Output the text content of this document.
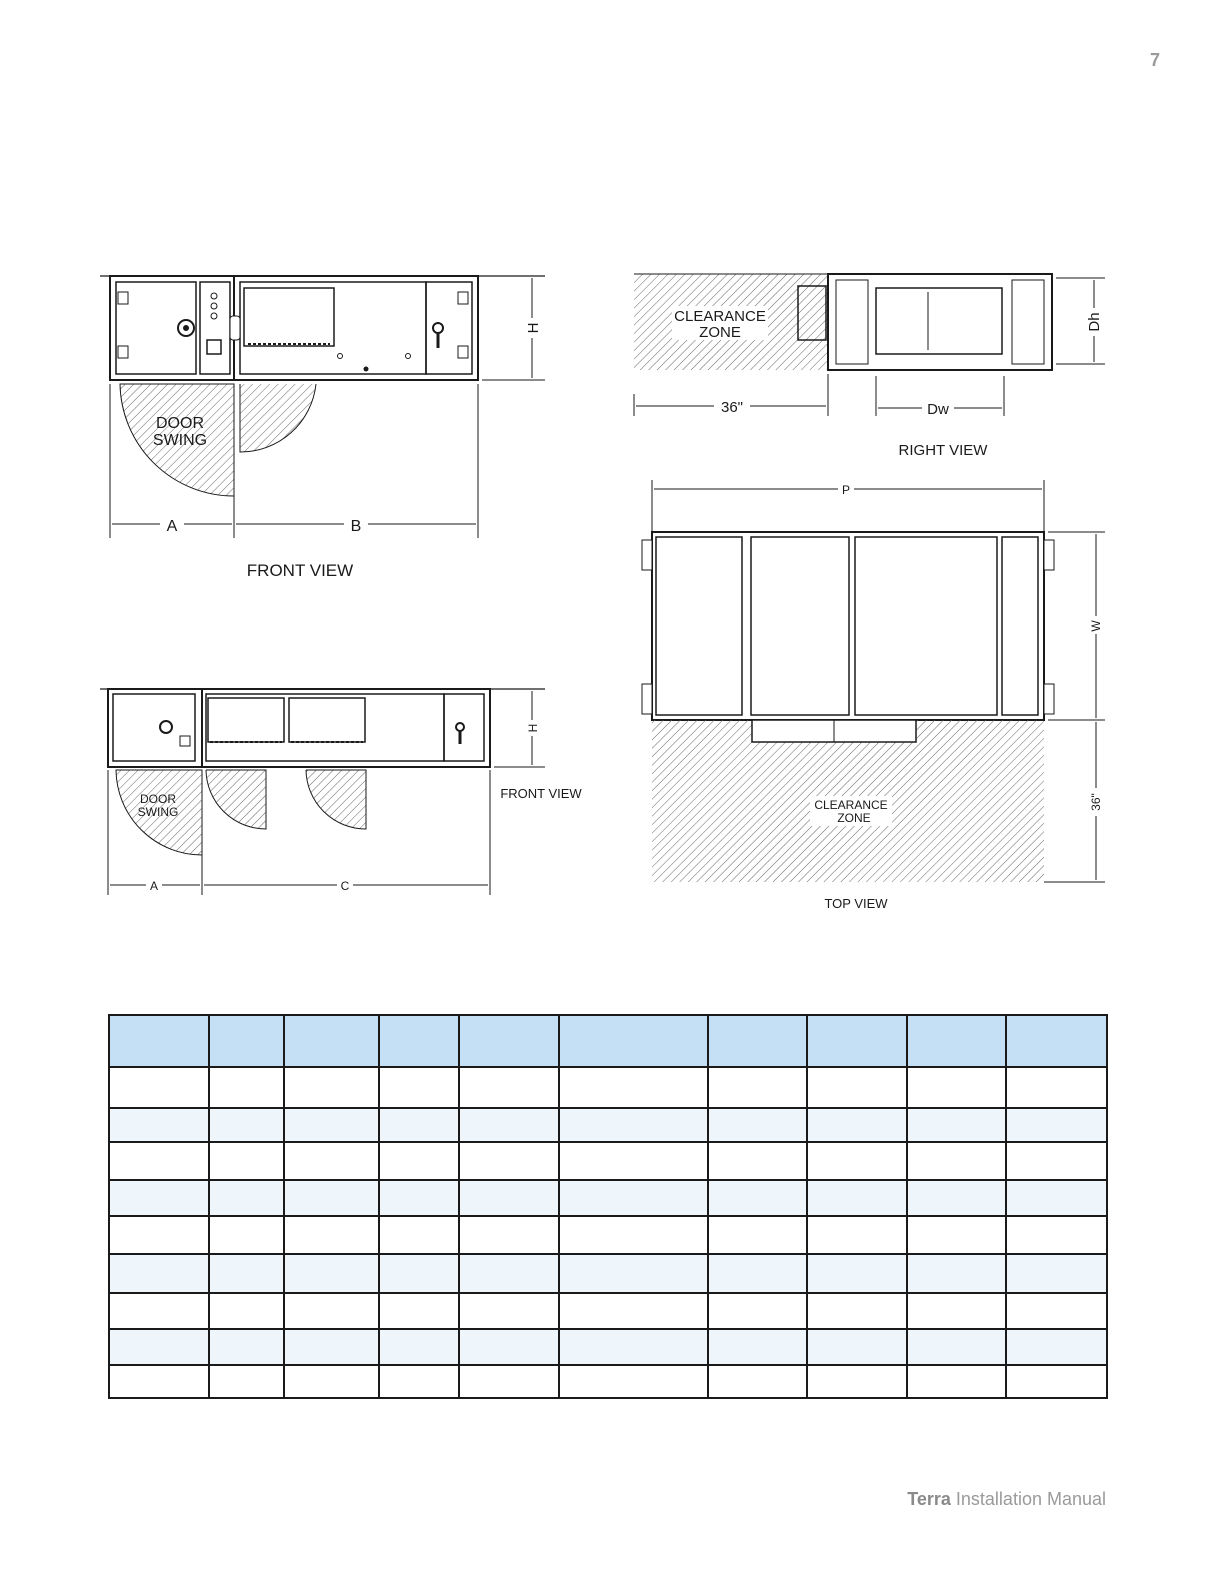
7
DOOR
SWING
A	B
H
FRONT VIEW
DOOR
SWING
A	C
H
FRONT VIEW
CLEARANCE
ZONE
36"	Dw
Dh
RIGHT VIEW
P
CLEARANCE
ZONE
W
36"
TOP VIEW

Terra Installation Manual
